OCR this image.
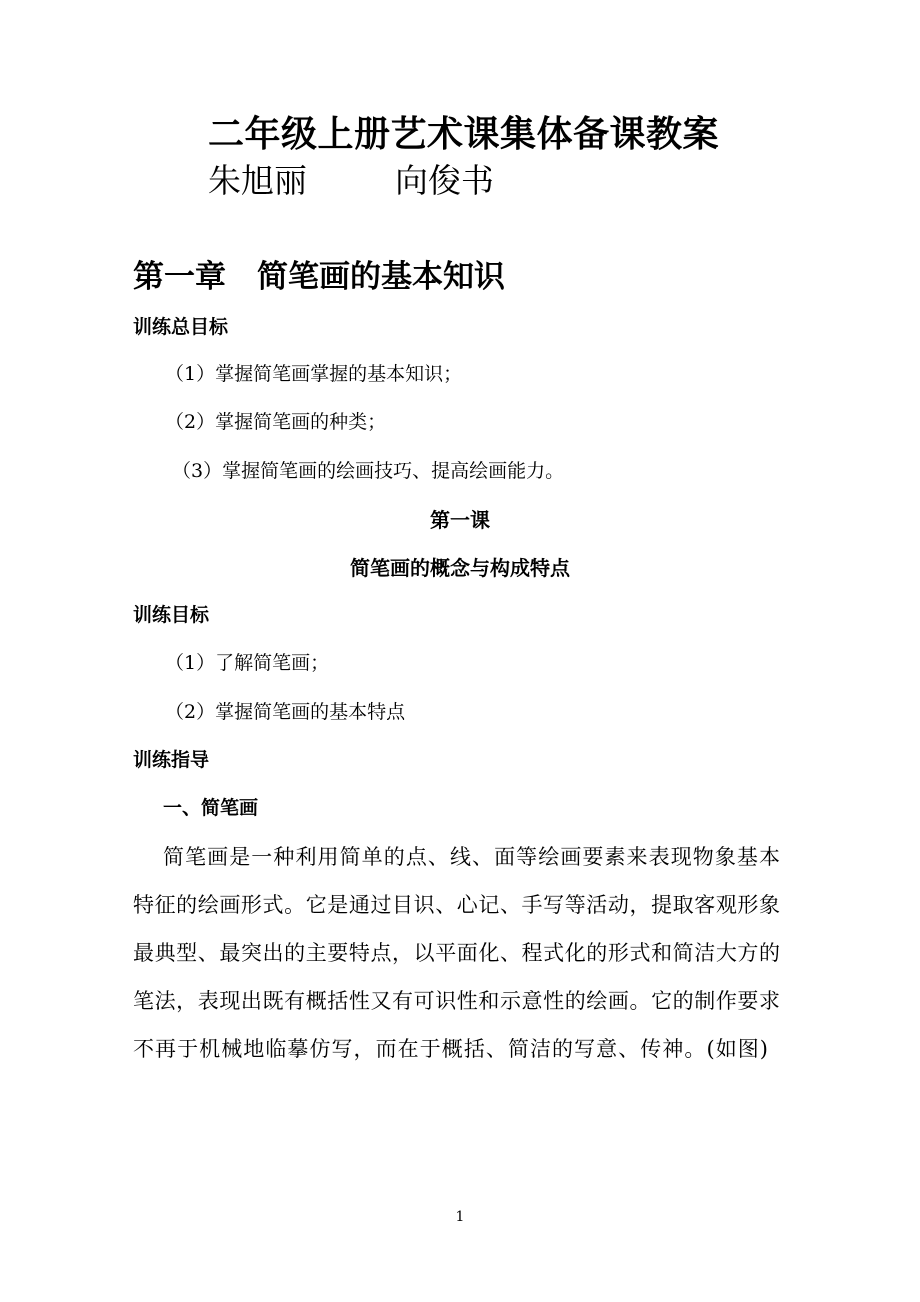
二年级上册艺术课集体备课教案
朱旭丽	向俊书
第一章　简笔画的基本知识
训练总目标
（1）掌握简笔画掌握的基本知识；
（2）掌握简笔画的种类；
（3）掌握简笔画的绘画技巧、提高绘画能力。
第一课
简笔画的概念与构成特点
训练目标
（1）了解简笔画；
（2）掌握简笔画的基本特点
训练指导
一、简笔画
简笔画是一种利用简单的点、线、面等绘画要素来表现物象基本
特征的绘画形式。它是通过目识、心记、手写等活动，提取客观形象
最典型、最突出的主要特点，以平面化、程式化的形式和简洁大方的
笔法，表现出既有概括性又有可识性和示意性的绘画。它的制作要求
不再于机械地临摹仿写，而在于概括、简洁的写意、传神。(如图)
1
